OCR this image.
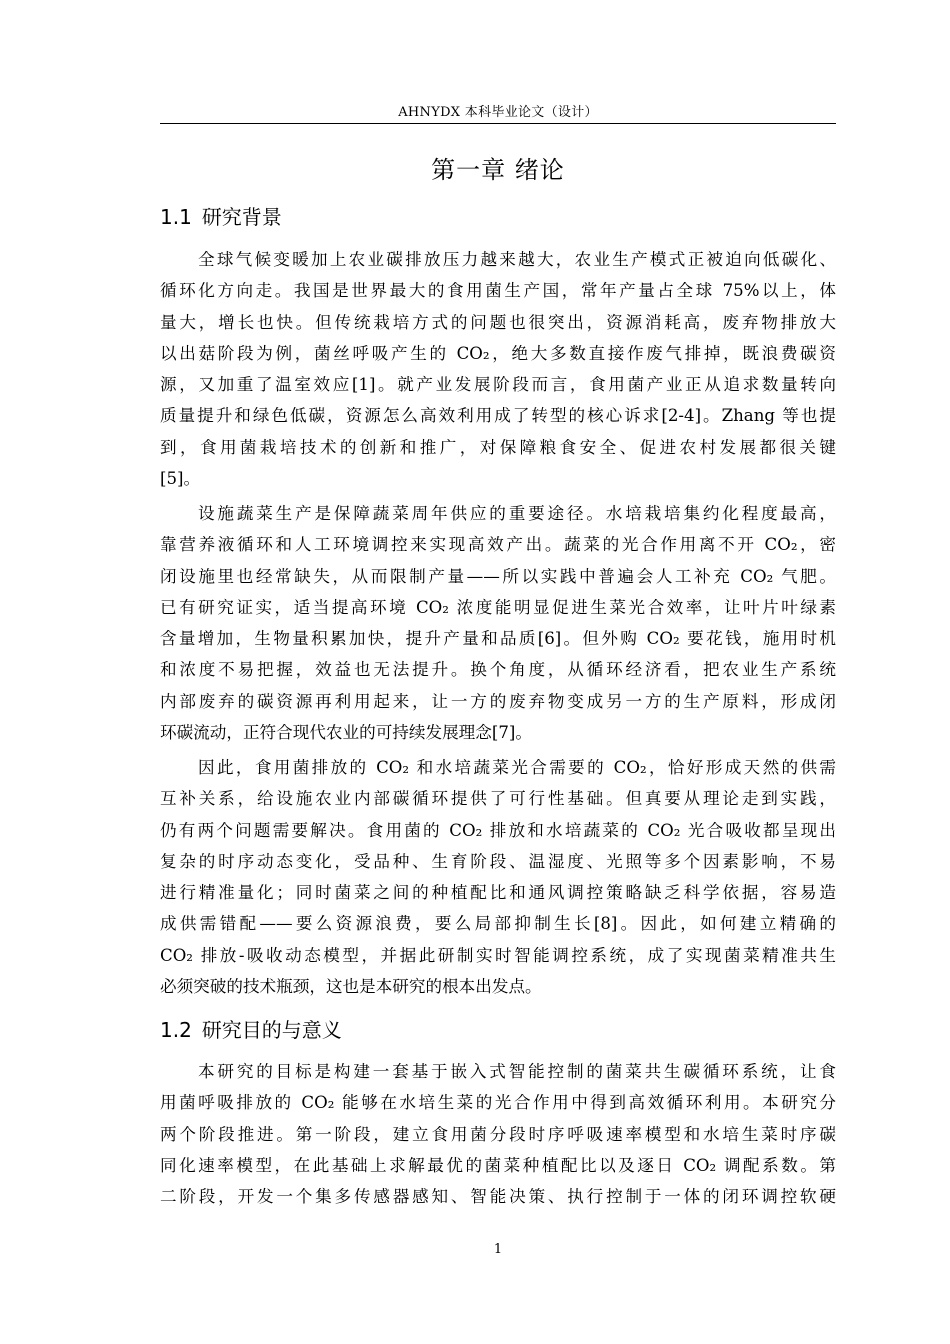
AHNYDX 本科毕业论文（设计）
第一章 绪论
1.1 研究背景
全球气候变暖加上农业碳排放压力越来越大，农业生产模式正被迫向低碳化、
循环化方向走。我国是世界最大的食用菌生产国，常年产量占全球 75%以上，体
量大，增长也快。但传统栽培方式的问题也很突出，资源消耗高，废弃物排放大
以出菇阶段为例，菌丝呼吸产生的 CO₂，绝大多数直接作废气排掉，既浪费碳资
源，又加重了温室效应[1]。就产业发展阶段而言，食用菌产业正从追求数量转向
质量提升和绿色低碳，资源怎么高效利用成了转型的核心诉求[2-4]。Zhang 等也提
到，食用菌栽培技术的创新和推广，对保障粮食安全、促进农村发展都很关键
[5]。
设施蔬菜生产是保障蔬菜周年供应的重要途径。水培栽培集约化程度最高，
靠营养液循环和人工环境调控来实现高效产出。蔬菜的光合作用离不开 CO₂，密
闭设施里也经常缺失，从而限制产量——所以实践中普遍会人工补充 CO₂ 气肥。
已有研究证实，适当提高环境 CO₂ 浓度能明显促进生菜光合效率，让叶片叶绿素
含量增加，生物量积累加快，提升产量和品质[6]。但外购 CO₂ 要花钱，施用时机
和浓度不易把握，效益也无法提升。换个角度，从循环经济看，把农业生产系统
内部废弃的碳资源再利用起来，让一方的废弃物变成另一方的生产原料，形成闭
环碳流动，正符合现代农业的可持续发展理念[7]。
因此，食用菌排放的 CO₂ 和水培蔬菜光合需要的 CO₂，恰好形成天然的供需
互补关系，给设施农业内部碳循环提供了可行性基础。但真要从理论走到实践，
仍有两个问题需要解决。食用菌的 CO₂ 排放和水培蔬菜的 CO₂ 光合吸收都呈现出
复杂的时序动态变化，受品种、生育阶段、温湿度、光照等多个因素影响，不易
进行精准量化；同时菌菜之间的种植配比和通风调控策略缺乏科学依据，容易造
成供需错配——要么资源浪费，要么局部抑制生长[8]。因此，如何建立精确的
CO₂ 排放-吸收动态模型，并据此研制实时智能调控系统，成了实现菌菜精准共生
必须突破的技术瓶颈，这也是本研究的根本出发点。
1.2 研究目的与意义
本研究的目标是构建一套基于嵌入式智能控制的菌菜共生碳循环系统，让食
用菌呼吸排放的 CO₂ 能够在水培生菜的光合作用中得到高效循环利用。本研究分
两个阶段推进。第一阶段，建立食用菌分段时序呼吸速率模型和水培生菜时序碳
同化速率模型，在此基础上求解最优的菌菜种植配比以及逐日 CO₂ 调配系数。第
二阶段，开发一个集多传感器感知、智能决策、执行控制于一体的闭环调控软硬
1
